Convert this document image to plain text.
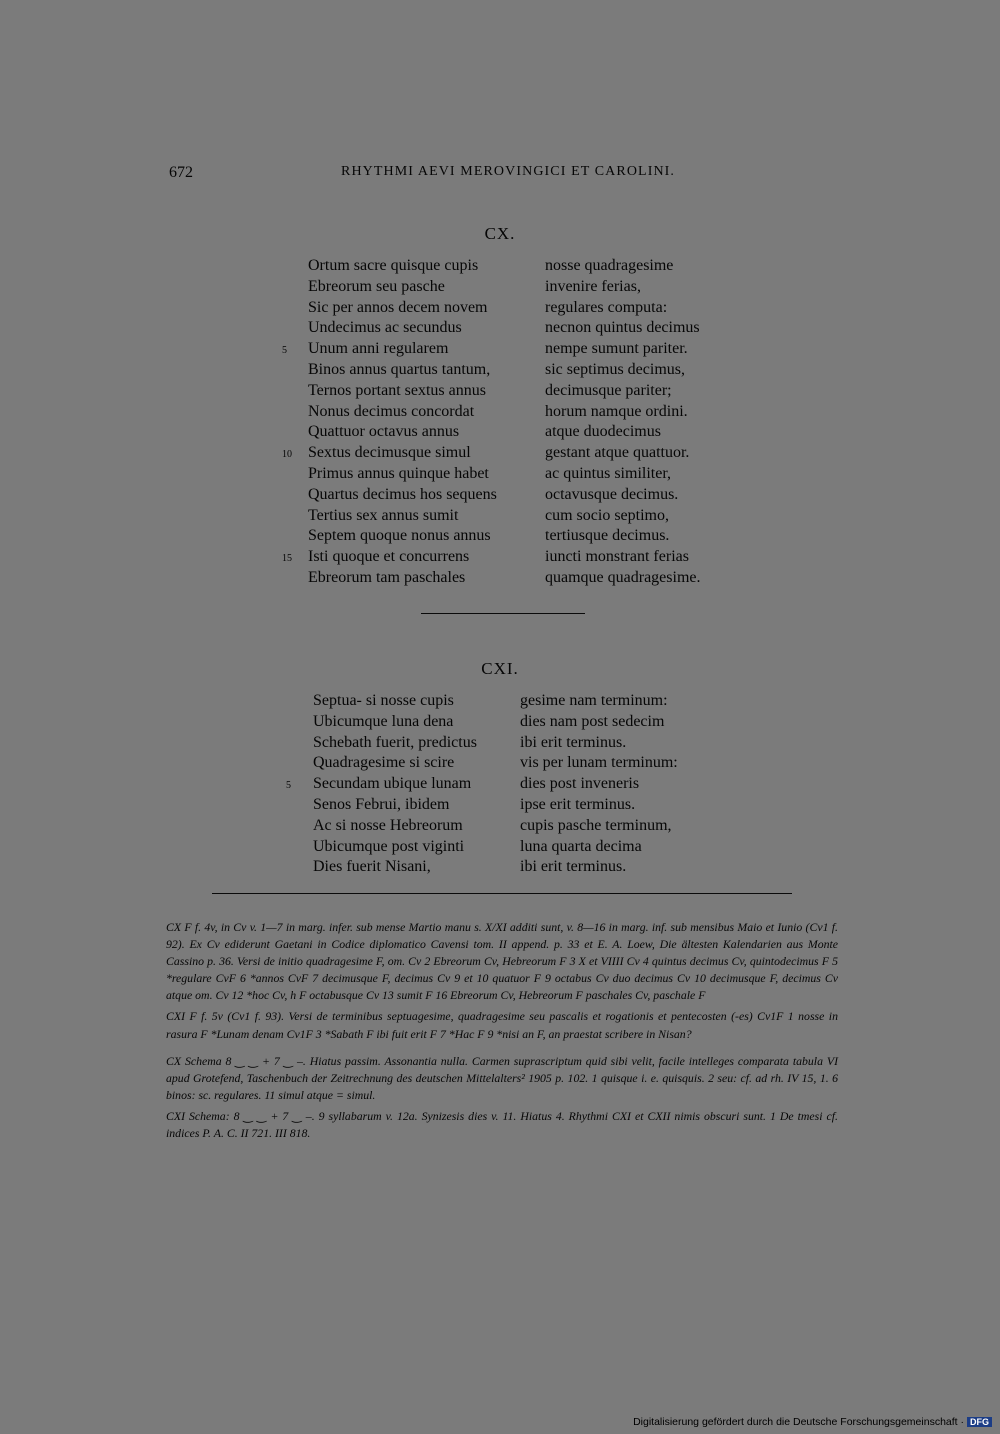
672	RHYTHMI AEVI MEROVINGICI ET CAROLINI.
CX.
Ortum sacre quisque cupis	nosse quadragesime
Ebreorum seu pasche	invenire ferias,
Sic per annos decem novem	regulares computa:
Undecimus ac secundus	necnon quintus decimus
5 Unum anni regularem	nempe sumunt pariter.
Binos annus quartus tantum,	sic septimus decimus,
Ternos portant sextus annus	decimusque pariter;
Nonus decimus concordat	horum namque ordini.
Quattuor octavus annus	atque duodecimus
10 Sextus decimusque simul	gestant atque quattuor.
Primus annus quinque habet	ac quintus similiter,
Quartus decimus hos sequens	octavusque decimus.
Tertius sex annus sumit	cum socio septimo,
Septem quoque nonus annus	tertiusque decimus.
15 Isti quoque et concurrens	iuncti monstrant ferias
Ebreorum tam paschales	quamque quadragesime.
CXI.
Septua- si nosse cupis	gesime nam terminum:
Ubicumque luna dena	dies nam post sedecim
Schebath fuerit, predictus	ibi erit terminus.
Quadragesime si scire	vis per lunam terminum:
5 Secundam ubique lunam	dies post inveneris
Senos Februi, ibidem	ipse erit terminus.
Ac si nosse Hebreorum	cupis pasche terminum,
Ubicumque post viginti	luna quarta decima
Dies fuerit Nisani,	ibi erit terminus.

CX F f. 4v, in Cv v. 1—7 in marg. infer. sub mense Martio manu s. X/XI additi sunt, v. 8—16 in marg. inf. sub mensibus Maio et Iunio (Cv1 f. 92). Ex Cv ediderunt Gaetani in Codice diplomatico Cavensi tom. II append. p. 33 et E. A. Loew, Die ältesten Kalendarien aus Monte Cassino p. 36. Versi de initio quadragesime F, om. Cv 2 Ebreorum Cv, Hebreorum F 3 X et VIIII Cv 4 quintus decimus Cv, quintodecimus F 5 *regulare CvF 6 *annos CvF 7 decimusque F, decimus Cv 9 et 10 quatuor F 9 octabus Cv duo decimus Cv 10 decimusque F, decimus Cv atque om. Cv 12 *hoc Cv, h F octabusque Cv 13 sumit F 16 Ebreorum Cv, Hebreorum F paschales Cv, paschale F

CXI F f. 5v (Cv1 f. 93). Versi de terminibus septuagesime, quadragesime seu pascalis et rogationis et pentecosten (-es) Cv1F 1 nosse in rasura F *Lunam denam Cv1F 3 *Sabath F ibi fuit erit F 7 *Hac F 9 *nisi an F, an praestat scribere in Nisan?

CX Schema 8 ‿ ‿ + 7 ‿ –. Hiatus passim. Assonantia nulla. Carmen suprascriptum quid sibi velit, facile intelleges comparata tabula VI apud Grotefend, Taschenbuch der Zeitrechnung des deutschen Mittelalters² 1905 p. 102. 1 quisque i. e. quisquis. 2 seu: cf. ad rh. IV 15, 1. 6 binos: sc. regulares. 11 simul atque = simul.

CXI Schema: 8 ‿ ‿ + 7 ‿ –. 9 syllabarum v. 12a. Synizesis dies v. 11. Hiatus 4. Rhythmi CXI et CXII nimis obscuri sunt. 1 De tmesi cf. indices P. A. C. II 721. III 818.

Digitalisierung gefördert durch die Deutsche Forschungsgemeinschaft · DFG
